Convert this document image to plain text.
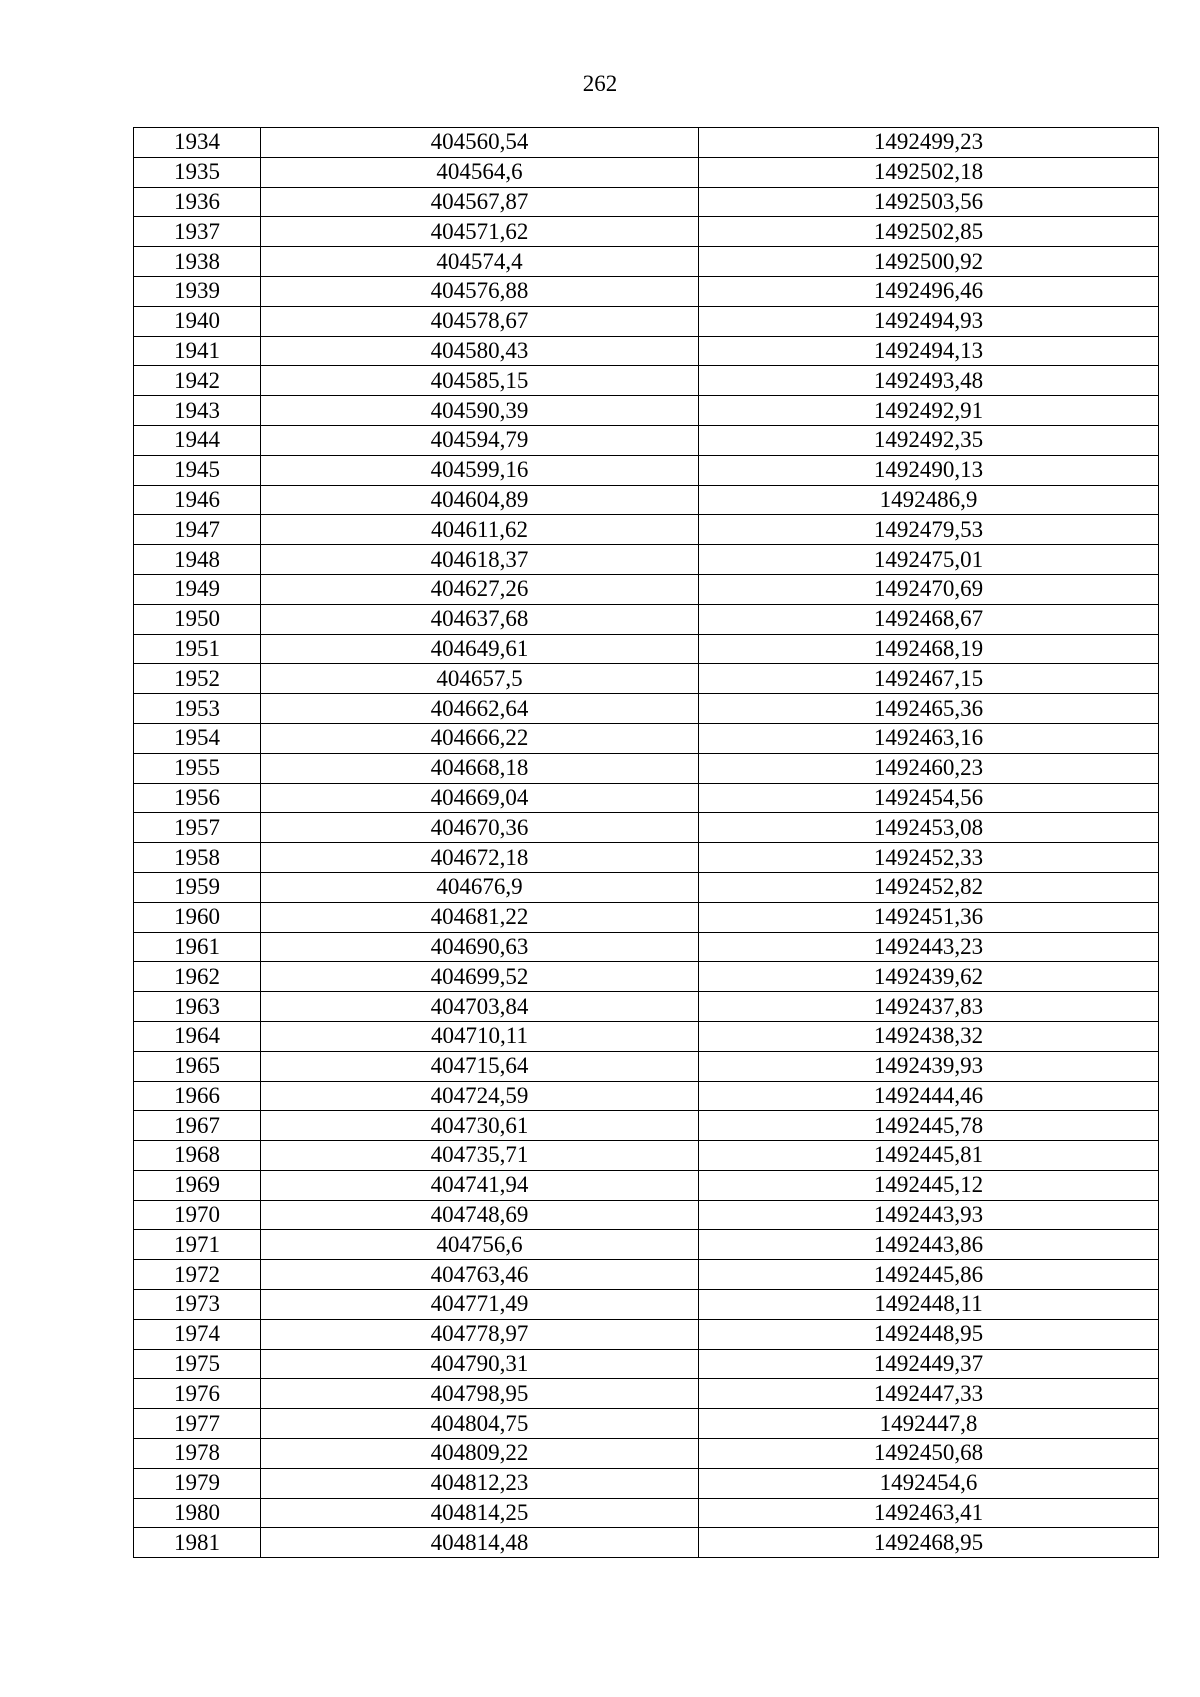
262
1934	404560,54	1492499,23
1935	404564,6	1492502,18
1936	404567,87	1492503,56
1937	404571,62	1492502,85
1938	404574,4	1492500,92
1939	404576,88	1492496,46
1940	404578,67	1492494,93
1941	404580,43	1492494,13
1942	404585,15	1492493,48
1943	404590,39	1492492,91
1944	404594,79	1492492,35
1945	404599,16	1492490,13
1946	404604,89	1492486,9
1947	404611,62	1492479,53
1948	404618,37	1492475,01
1949	404627,26	1492470,69
1950	404637,68	1492468,67
1951	404649,61	1492468,19
1952	404657,5	1492467,15
1953	404662,64	1492465,36
1954	404666,22	1492463,16
1955	404668,18	1492460,23
1956	404669,04	1492454,56
1957	404670,36	1492453,08
1958	404672,18	1492452,33
1959	404676,9	1492452,82
1960	404681,22	1492451,36
1961	404690,63	1492443,23
1962	404699,52	1492439,62
1963	404703,84	1492437,83
1964	404710,11	1492438,32
1965	404715,64	1492439,93
1966	404724,59	1492444,46
1967	404730,61	1492445,78
1968	404735,71	1492445,81
1969	404741,94	1492445,12
1970	404748,69	1492443,93
1971	404756,6	1492443,86
1972	404763,46	1492445,86
1973	404771,49	1492448,11
1974	404778,97	1492448,95
1975	404790,31	1492449,37
1976	404798,95	1492447,33
1977	404804,75	1492447,8
1978	404809,22	1492450,68
1979	404812,23	1492454,6
1980	404814,25	1492463,41
1981	404814,48	1492468,95
